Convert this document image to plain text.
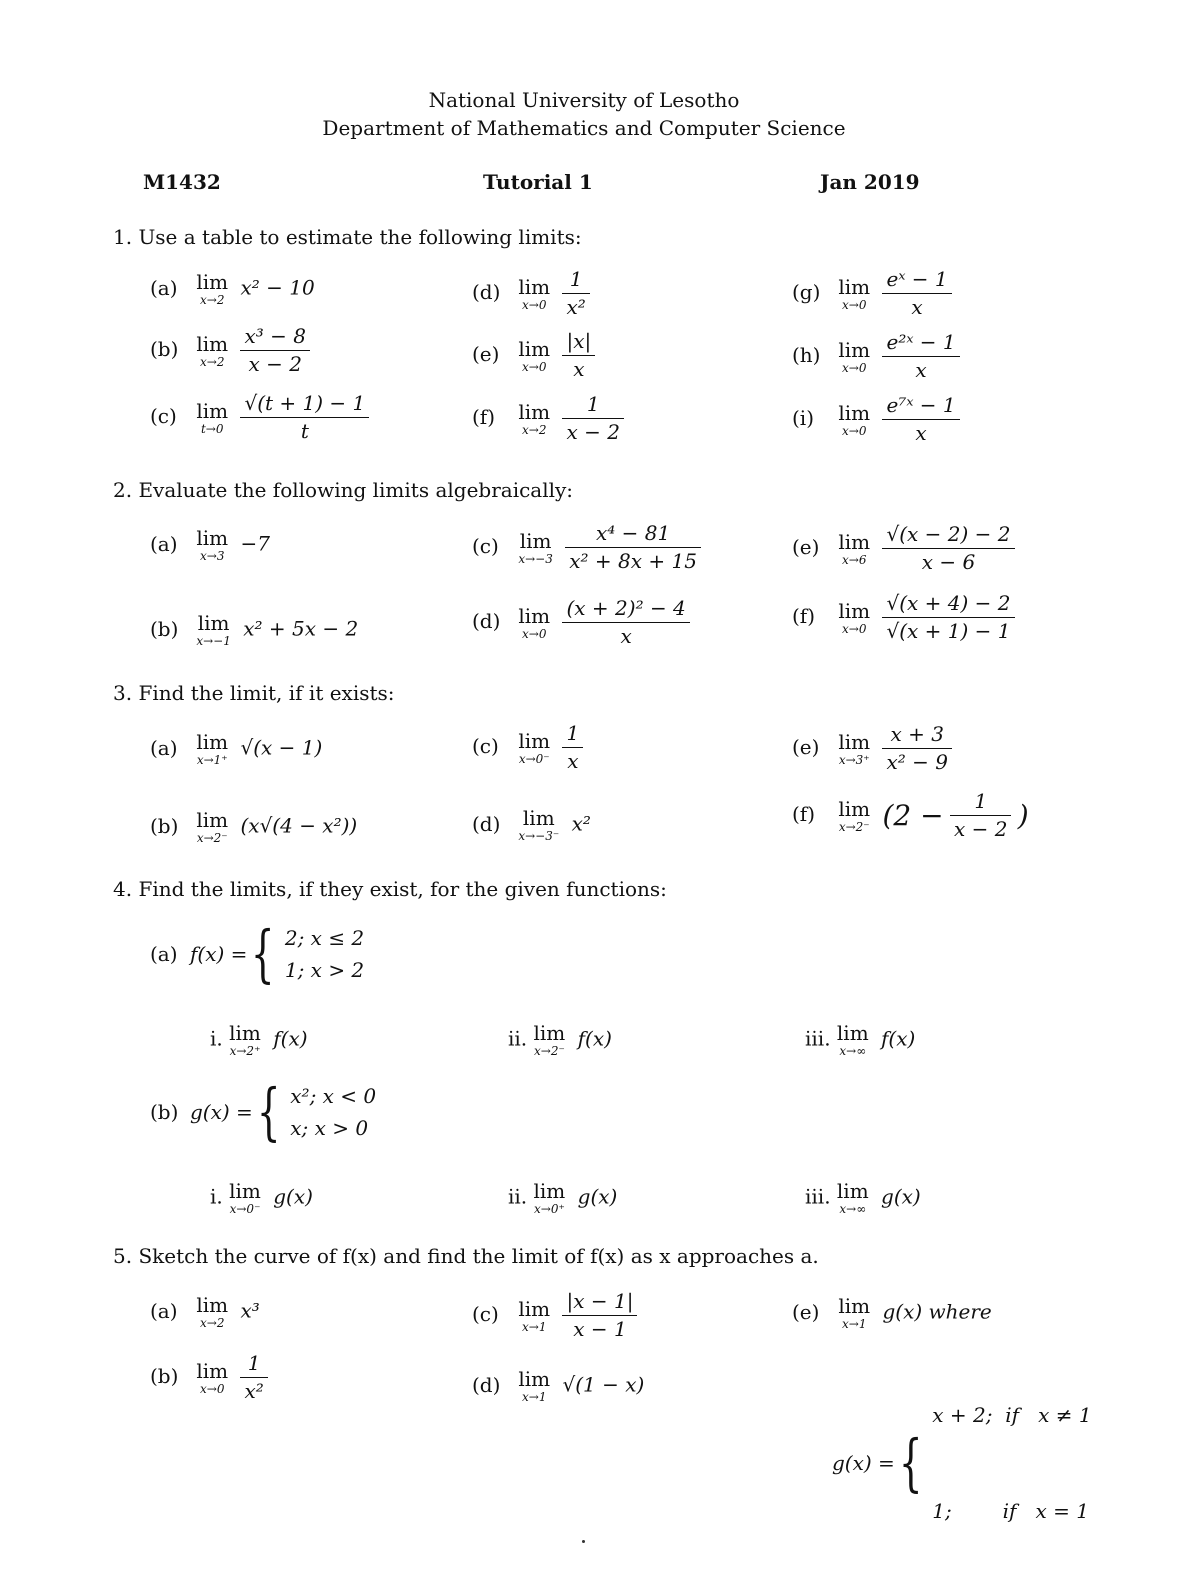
National University of Lesotho
Department of Mathematics and Computer Science
M1432	Tutorial 1	Jan 2019
1. Use a table to estimate the following limits:
(a) lim
x→2
x² − 10
(b) lim
x→2
$\frac{\text{x³ − 8}}{x - 2}$
(c) lim
t→0
$\frac{√(t + 1) - 1}{t}$
(d) lim
x→0
$\frac{1}{\text{x²}}$
(e) lim
x→0
$\frac{|x|}{x}$
(f) lim
x→2
$\frac{1}{x - 2}$
(g) lim
x→0
$\frac{\text{eˣ − 1}}{x}$
(h) lim
x→0
$\frac{\text{e²ˣ − 1}}{x}$
(i) lim
x→0
$\frac{\text{e⁷ˣ − 1}}{x}$
2. Evaluate the following limits algebraically:
(a) lim
x→3
−7
(b) lim
x→−1
x² + 5x − 2
(c) lim
x→−3
$\frac{\text{x⁴ − 81}}{\text{x² + 8x + 15}}$
(d) lim
x→0
$\frac{\text{(x + 2)² − 4}}{x}$
(e) lim
x→6
$\frac{√(x - 2) - 2}{x - 6}$
(f) lim
x→0
$\frac{√(x + 4) - 2}{√(x + 1) - 1}$
3. Find the limit, if it exists:
(a) lim
x→1⁺
√(x − 1)
(b) lim
x→2⁻
(x√(4 − x²))
(c) lim
x→0⁻
$\frac{1}{x}$
(d) lim
x→−3⁻
x²
(e) lim
x→3⁺
$\frac{x + 3}{\text{x² − 9}}$
(f) lim
x→2⁻ ($2 - \frac{1}{x - 2}$ )
4. Find the limits, if they exist, for the given functions:
(a) f(x) = { 2; x ≤ 2
1; x > 2
i. lim
x→2⁺
f(x)	ii. lim
x→2⁻
f(x)	iii. lim
x→∞
f(x)
(b) g(x) = { x²; x < 0
x; x > 0
i. lim
x→0⁻
g(x)	ii. lim
x→0⁺
g(x)	iii. lim
x→∞
g(x)
5. Sketch the curve of f(x) and find the limit of f(x) as x approaches a.
(a) lim
x→2
x³
(b) lim
x→0
$\frac{1}{\text{x²}}$
(c) lim
x→1
$\frac{|x - 1|}{x - 1}$
(d) lim
x→1
√(1 − x)
(e) lim
x→1
g(x) where
g(x) = {

x + 2;  if   x ≠ 1

1;        if   x = 1
